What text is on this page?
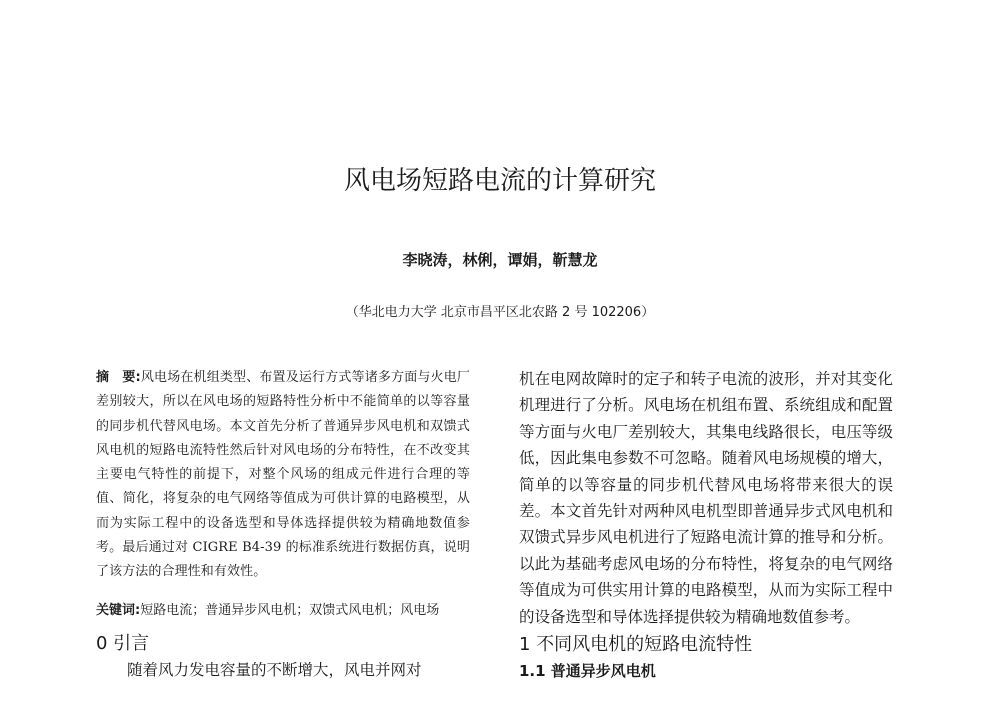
风电场短路电流的计算研究
李晓涛，林俐，谭娟，靳慧龙
（华北电力大学 北京市昌平区北农路 2 号 102206）

摘　要:风电场在机组类型、布置及运行方式等诸多方面与火电厂差别较大，所以在风电场的短路特性分析中不能简单的以等容量的同步机代替风电场。本文首先分析了普通异步风电机和双馈式风电机的短路电流特性然后针对风电场的分布特性，在不改变其主要电气特性的前提下，对整个风场的组成元件进行合理的等值、简化，将复杂的电气网络等值成为可供计算的电路模型，从而为实际工程中的设备选型和导体选择提供较为精确地数值参考。最后通过对 CIGRE B4-39 的标准系统进行数据仿真，说明了该方法的合理性和有效性。

关键词:短路电流；普通异步风电机；双馈式风电机；风电场

0 引言

随着风力发电容量的不断增大，风电并网对

机在电网故障时的定子和转子电流的波形，并对其变化机理进行了分析。风电场在机组布置、系统组成和配置等方面与火电厂差别较大，其集电线路很长，电压等级低，因此集电参数不可忽略。随着风电场规模的增大，简单的以等容量的同步机代替风电场将带来很大的误差。本文首先针对两种风电机型即普通异步式风电机和双馈式异步风电机进行了短路电流计算的推导和分析。以此为基础考虑风电场的分布特性，将复杂的电气网络等值成为可供实用计算的电路模型，从而为实际工程中的设备选型和导体选择提供较为精确地数值参考。

1 不同风电机的短路电流特性
1.1 普通异步风电机
